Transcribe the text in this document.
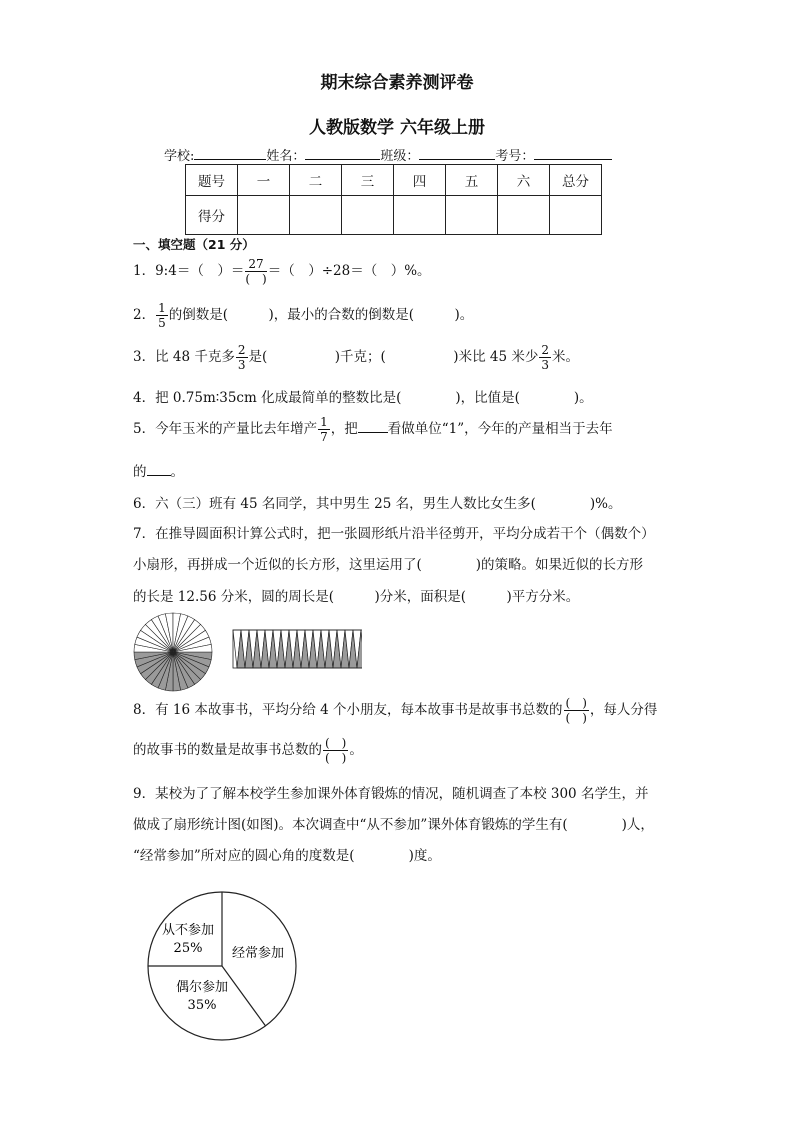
期末综合素养测评卷
人教版数学 六年级上册
学校:	姓名：	班级：	考号：
题号	一	二	三	四	五	六	总分
得分							
一、填空题（21 分）
1．9:4＝（　）＝ $\frac{27}{( )}$ ＝（　）÷28＝（　）%。
2． $\frac{1}{5}$ 的倒数是(　　　)，最小的合数的倒数是(　　　)。
3．比 48 千克多 $\frac{2}{3}$ 是(　　　　　)千克；(　　　　　)米比 45 米少 $\frac{2}{3}$ 米。
4．把 0.75m∶35cm 化成最简单的整数比是(　　　　)，比值是(　　　　)。
5．今年玉米的产量比去年增产 $\frac{1}{7}$ ，把 看做单位“1”，今年的产量相当于去年
的 。
6．六（三）班有 45 名同学，其中男生 25 名，男生人数比女生多(　　　　)%。
7．在推导圆面积计算公式时，把一张圆形纸片沿半径剪开，平均分成若干个（偶数个）
小扇形，再拼成一个近似的长方形，这里运用了(　　　　)的策略。如果近似的长方形
的长是 12.56 分米，圆的周长是(　　　)分米，面积是(　　　)平方分米。
8．有 16 本故事书，平均分给 4 个小朋友，每本故事书是故事书总数的 $\frac{( )}{( )}$ ，每人分得
的故事书的数量是故事书总数的 $\frac{( )}{( )}$ 。
9．某校为了了解本校学生参加课外体育锻炼的情况，随机调查了本校 300 名学生，并
做成了扇形统计图(如图)。本次调查中“从不参加”课外体育锻炼的学生有(　　　　)人，
“经常参加”所对应的圆心角的度数是(　　　　)度。
从不参加
25% 经常参加
偶尔参加
35%
